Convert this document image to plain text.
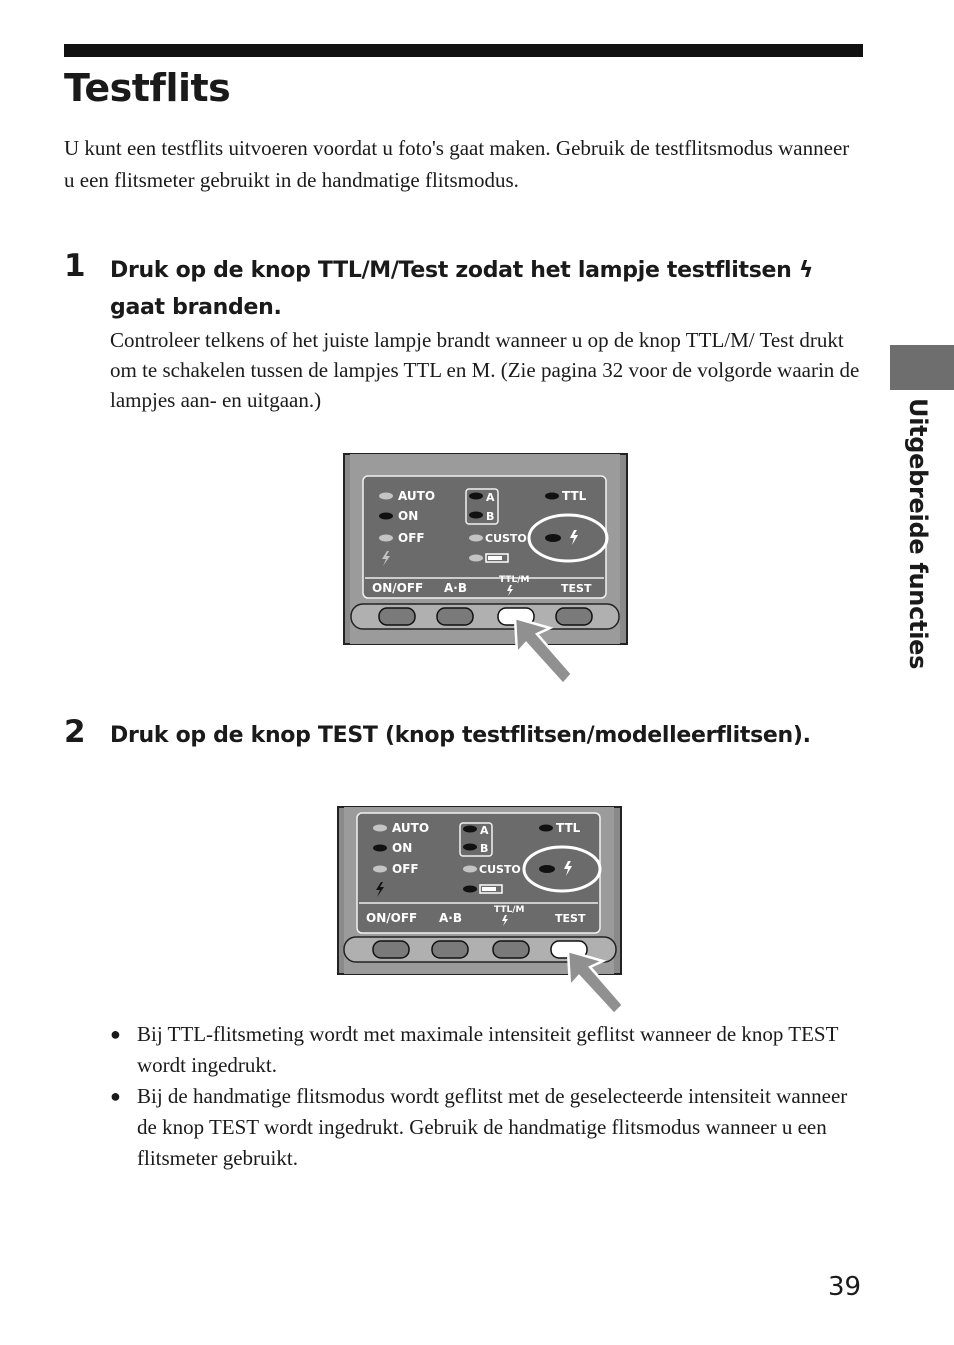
Testflits

U kunt een testflits uitvoeren voordat u foto's gaat maken. Gebruik de testflitsmodus wanneer u een flitsmeter gebruikt in de handmatige flitsmodus.

1 Druk op de knop TTL/M/Test zodat het lampje testflitsen ϟ gaat branden.

Controleer telkens of het juiste lampje brandt wanneer u op de knop TTL/M/ Test drukt om te schakelen tussen de lampjes TTL en M. (Zie pagina 32 voor de volgorde waarin de lampjes aan- en uitgaan.)	Uitgebreide functies
AUTO
ON
OFF
A
B
CUSTO
TTL
ON/OFF A·B
TTL/M
TEST
2 Druk op de knop TEST (knop testflitsen/modelleerflitsen).

AUTO
ON
OFF
A
B
CUSTO
TTL
ON/OFF A·B
TTL/M
TEST
● Bij TTL-flitsmeting wordt met maximale intensiteit geflitst wanneer de knop TEST wordt ingedrukt.
● Bij de handmatige flitsmodus wordt geflitst met de geselecteerde intensiteit wanneer de knop TEST wordt ingedrukt. Gebruik de handmatige flitsmodus wanneer u een flitsmeter gebruikt.
39
